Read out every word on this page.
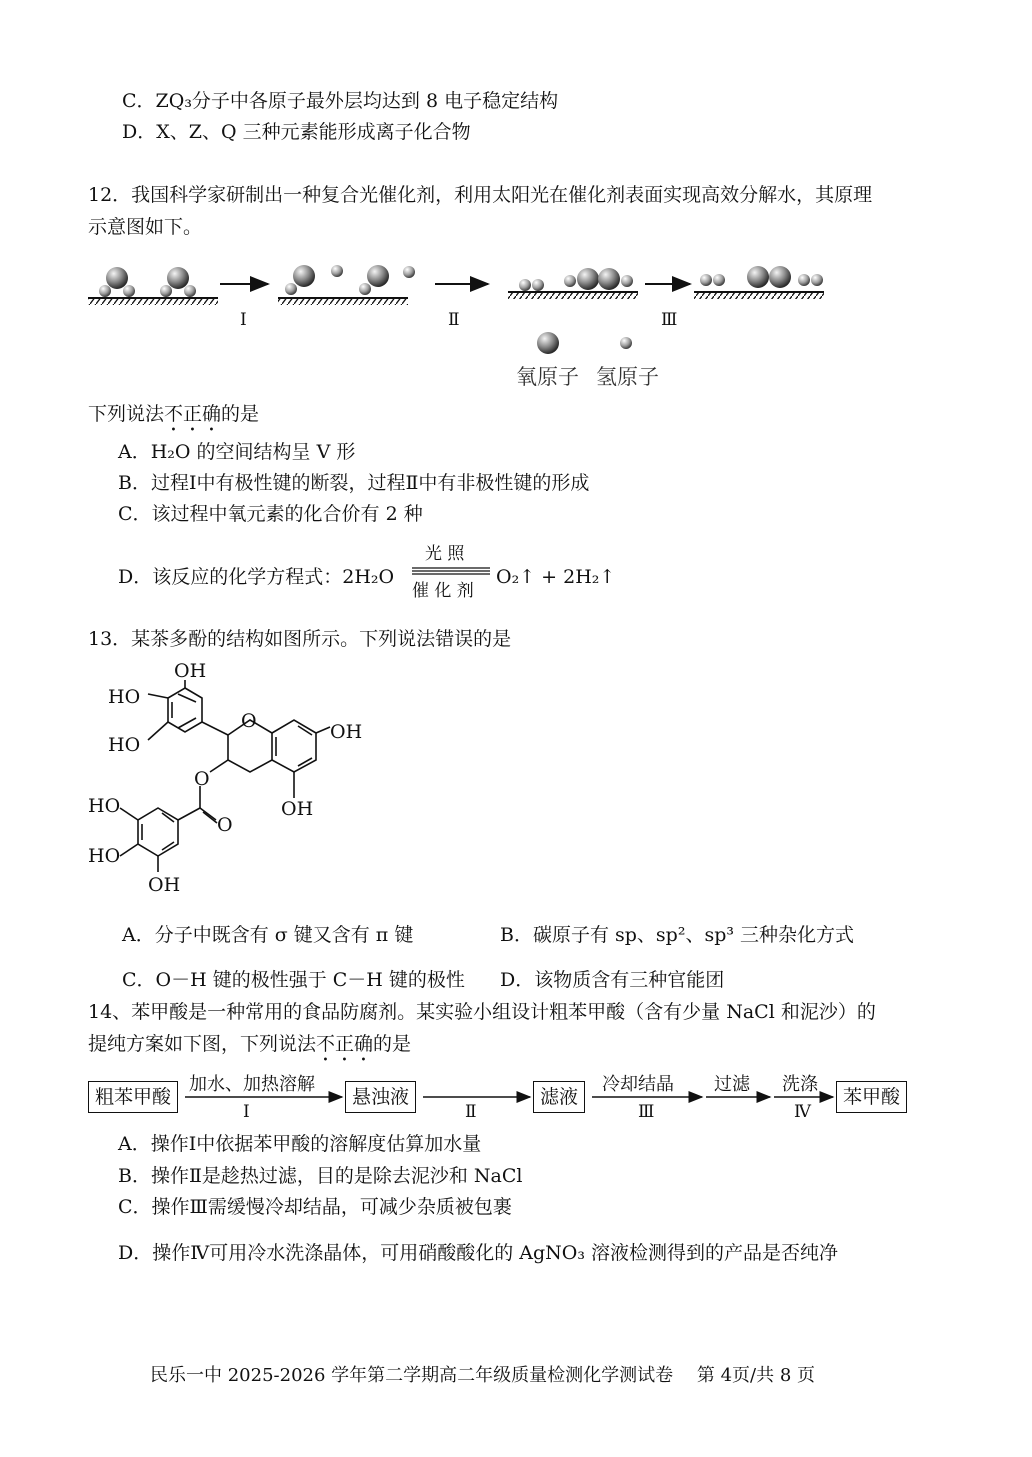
C．ZQ₃分子中各原子最外层均达到 8 电子稳定结构
D．X、Z、Q 三种元素能形成离子化合物
12．我国科学家研制出一种复合光催化剂，利用太阳光在催化剂表面实现高效分解水，其原理
示意图如下。
Ⅰ	Ⅱ	Ⅲ
氧原子 氢原子
下列说法不正确的是
A．H₂O 的空间结构呈 V 形
B．过程Ⅰ中有极性键的断裂，过程Ⅱ中有非极性键的形成
C．该过程中氧元素的化合价有 2 种
D．该反应的化学方程式：2H₂O
光 照
催 化 剂
O₂↑ + 2H₂↑
13．某茶多酚的结构如图所示。下列说法错误的是
OH
HO
HO
O	OH
O
OH
HO
O
HO
OH
A．分子中既含有 σ 键又含有 π 键	B．碳原子有 sp、sp²、sp³ 三种杂化方式
C．O－H 键的极性强于 C－H 键的极性 D．该物质含有三种官能团
14、苯甲酸是一种常用的食品防腐剂。某实验小组设计粗苯甲酸（含有少量 NaCl 和泥沙）的
提纯方案如下图，下列说法不正确的是
粗苯甲酸
加水、加热溶解
Ⅰ
悬浊液
Ⅱ
滤液
冷却结晶
Ⅲ
过滤 洗涤
Ⅳ
苯甲酸
A．操作Ⅰ中依据苯甲酸的溶解度估算加水量
B．操作Ⅱ是趁热过滤，目的是除去泥沙和 NaCl
C．操作Ⅲ需缓慢冷却结晶，可减少杂质被包裹
D．操作Ⅳ可用冷水洗涤晶体，可用硝酸酸化的 AgNO₃ 溶液检测得到的产品是否纯净
民乐一中 2025-2026 学年第二学期高二年级质量检测化学测试卷　 第 4页/共 8 页
